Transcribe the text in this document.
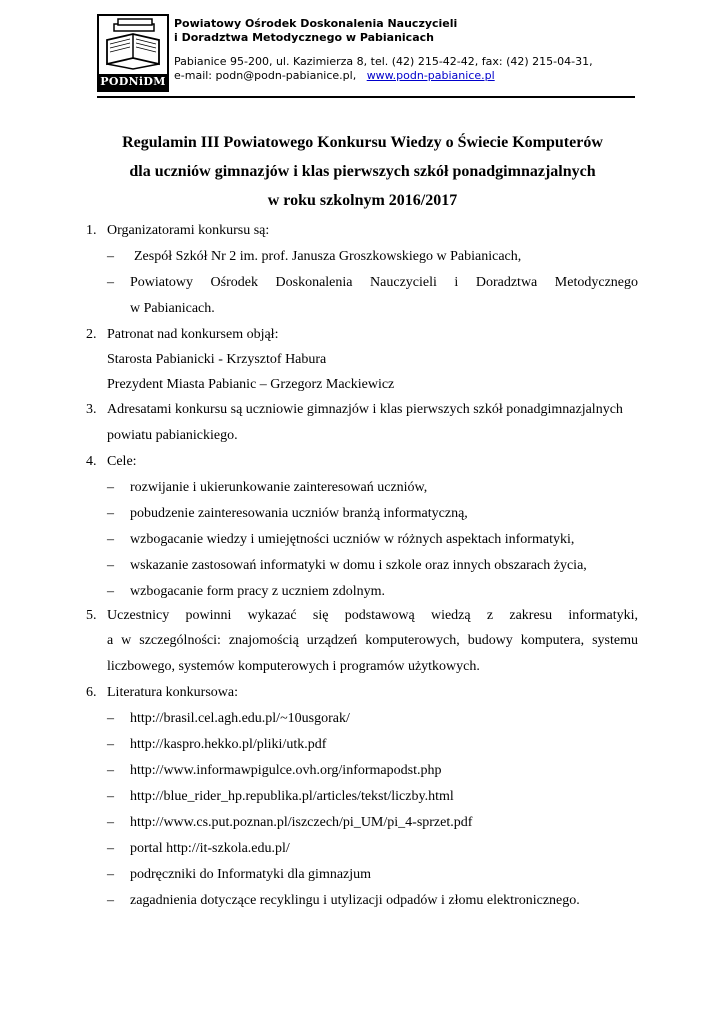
PODNiDM
Powiatowy Ośrodek Doskonalenia Nauczycieli
i Doradztwa Metodycznego w Pabianicach
Pabianice 95-200, ul. Kazimierza 8, tel. (42) 215-42-42, fax: (42) 215-04-31,
e-mail: podn@podn-pabianice.pl, www.podn-pabianice.pl
Regulamin III Powiatowego Konkursu Wiedzy o Świecie Komputerów
dla uczniów gimnazjów i klas pierwszych szkół ponadgimnazjalnych
w roku szkolnym 2016/2017
1. Organizatorami konkursu są:
– Zespół Szkół Nr 2 im. prof. Janusza Groszkowskiego w Pabianicach,
– Powiatowy Ośrodek Doskonalenia Nauczycieli i Doradztwa Metodycznego
w Pabianicach.
2. Patronat nad konkursem objął:
Starosta Pabianicki - Krzysztof Habura
Prezydent Miasta Pabianic – Grzegorz Mackiewicz
3. Adresatami konkursu są uczniowie gimnazjów i klas pierwszych szkół ponadgimnazjalnych
powiatu pabianickiego.
4. Cele:
– rozwijanie i ukierunkowanie zainteresowań uczniów,
– pobudzenie zainteresowania uczniów branżą informatyczną,
– wzbogacanie wiedzy i umiejętności uczniów w różnych aspektach informatyki,
– wskazanie zastosowań informatyki w domu i szkole oraz innych obszarach życia,
– wzbogacanie form pracy z uczniem zdolnym.
5. Uczestnicy powinni wykazać się podstawową wiedzą z zakresu informatyki,
a w szczególności: znajomością urządzeń komputerowych, budowy komputera, systemu
liczbowego, systemów komputerowych i programów użytkowych.
6. Literatura konkursowa:
– http://brasil.cel.agh.edu.pl/~10usgorak/
– http://kaspro.hekko.pl/pliki/utk.pdf
– http://www.informawpigulce.ovh.org/informapodst.php
– http://blue_rider_hp.republika.pl/articles/tekst/liczby.html
– http://www.cs.put.poznan.pl/iszczech/pi_UM/pi_4-sprzet.pdf
– portal http://it-szkola.edu.pl/
– podręczniki do Informatyki dla gimnazjum
– zagadnienia dotyczące recyklingu i utylizacji odpadów i złomu elektronicznego.
